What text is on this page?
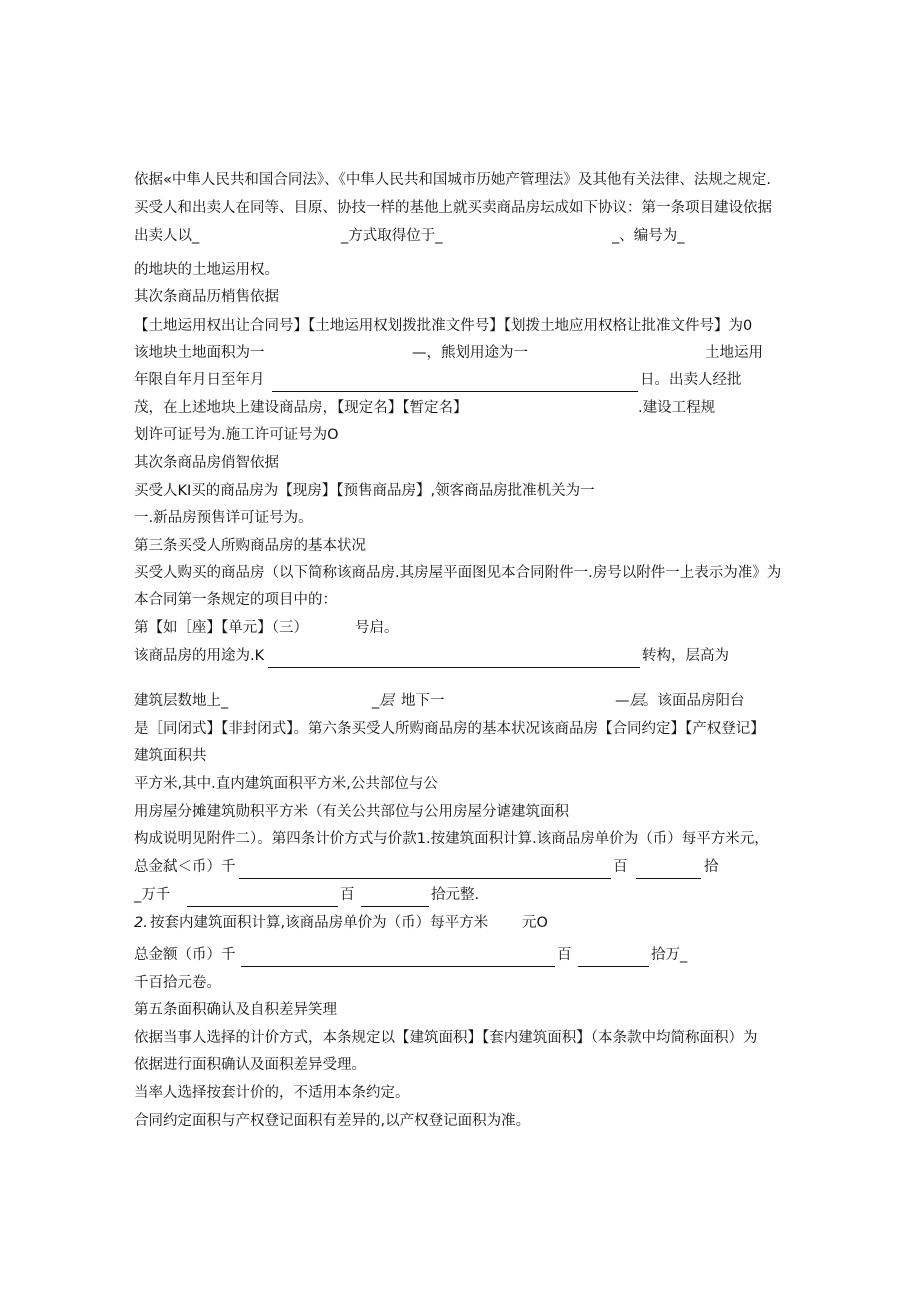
依据«中隼人民共和国合同法》、《中隼人民共和国城市历她产管理法》及其他有关法律、法规之规定.
买受人和出卖人在同等、目原、协技一样的基他上就买卖商品房坛成如下协议：第一条项目建设依据
出卖人以_	_方式取得位于_	_、编号为_
的地块的土地运用权。
其次条商品历梢售依据
【土地运用权出让合同号】【土地运用权划拨批准文件号】【划拨土地应用权格让批准文件号】为0
该地块土地面积为一	—，熊划用途为一	土地运用
年限自年月日至年月	日。出卖人经批
茂，在上述地块上建设商品房，【现定名】【暂定名】	.建设工程规
划许可证号为.施工许可证号为O
其次条商品房俏智依据
买受人KI买的商品房为【现房】【预售商品房】,领客商品房批准机关为一
一.新品房预售详可证号为。
第三条买受人所购商品房的基本状况
买受人购买的商品房（以下简称该商品房.其房屋平面图见本合同附件一.房号以附件一上表示为准》为
本合同第一条规定的项目中的：
第【如［座】【单元】（三）	号启。
该商品房的用途为.K	转构，层高为
建筑层数地上_	_层 地下一	—层 。该面品房阳台
是［同闭式】【非封闭式】。第六条买受人所购商品房的基本状况该商品房【合同约定】【产权登记】
建筑面积共
平方米,其中.直内建筑面积平方米,公共部位与公
用房屋分摊建筑勋积平方米（有关公共部位与公用房屋分谑建筑面积
构成说明见附件二）。第四条计价方式与价款1.按建筑面积计算.该商品房单价为（币）每平方米元，
总金弑＜币）千	百	拾
_万千	百	拾元整.
2. 按套内建筑面积计算,该商品房单价为（币）每平方米 元O
总金额（币）千	百	拾万_
千百拾元卷。
第五条面积确认及自积差异笑理
依据当事人选择的计价方式，本条规定以【建筑面积】【套内建筑面积】（本条款中均简称面积）为
依据进行面积确认及面积差异受理。
当率人选择按套计价的，不适用本条约定。
合同约定面积与产权登记面积有差异的,以产权登记面积为准。
